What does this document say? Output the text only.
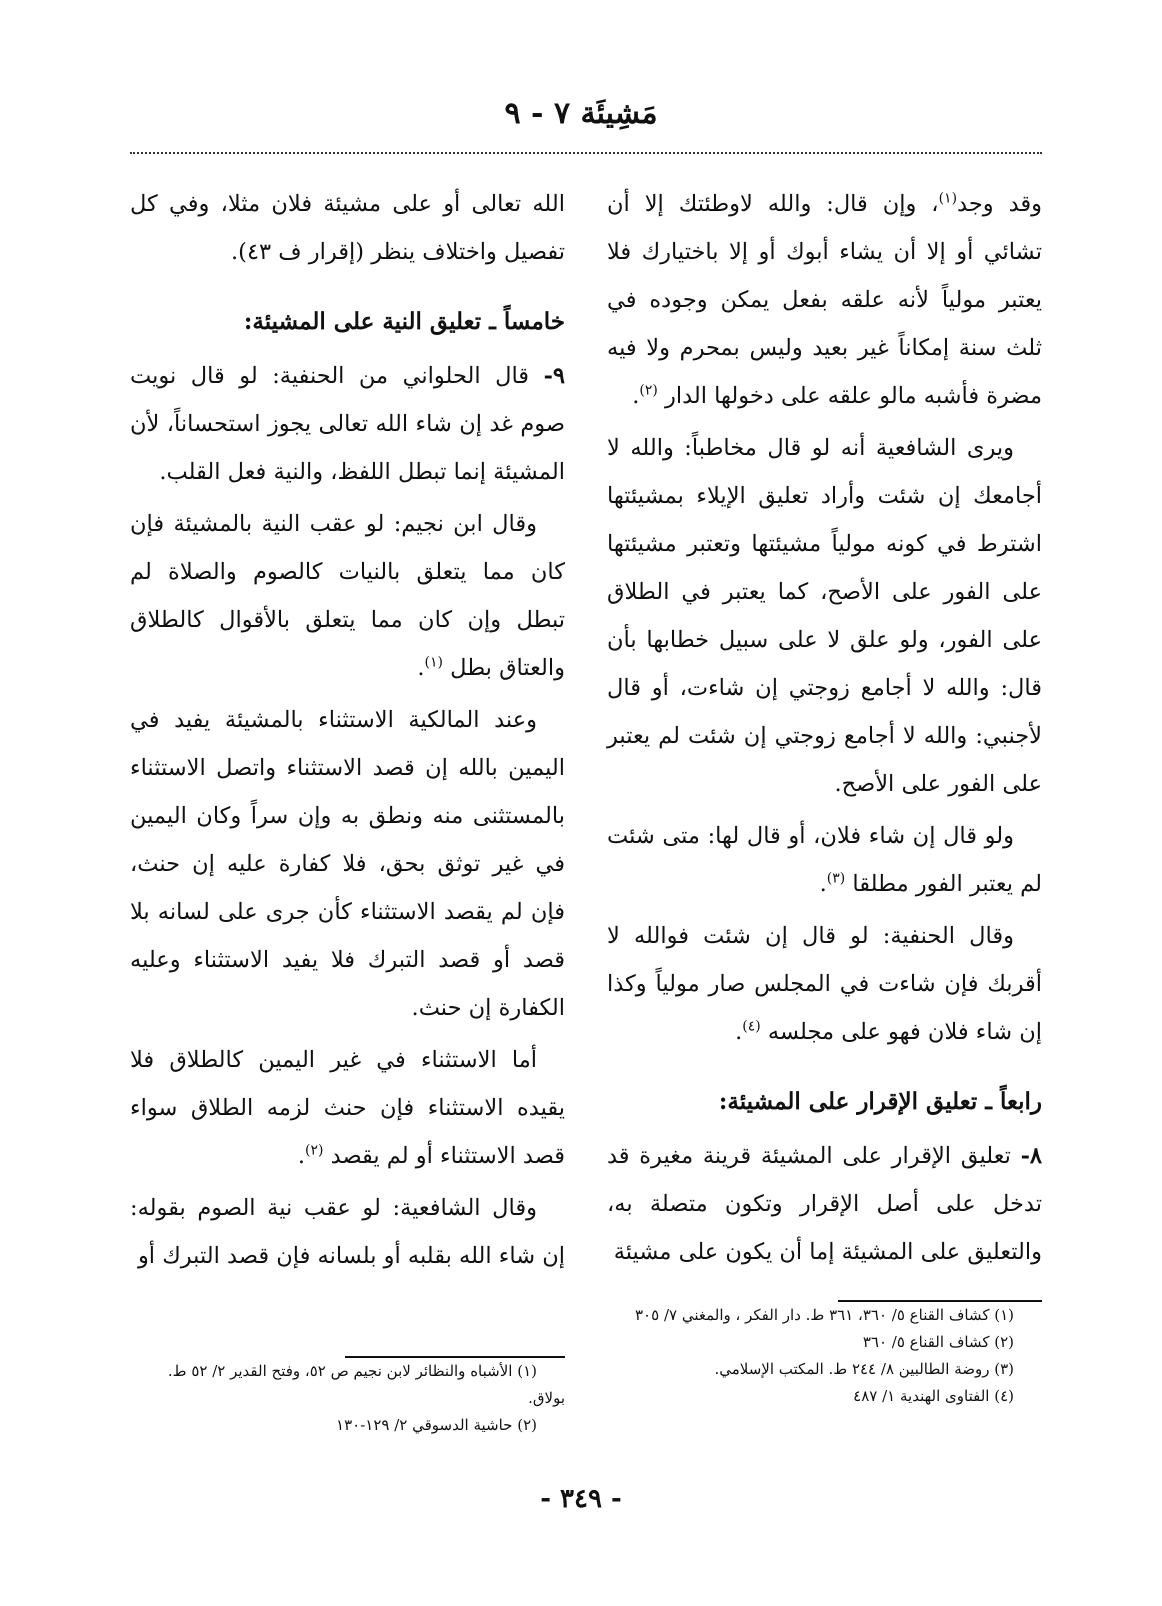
مَشِيئَة ٧ - ٩

وقد وجد$^{(١)}$، وإن قال: والله لاوطئتك إلا أن تشائي أو إلا أن يشاء أبوك أو إلا باختيارك فلا يعتبر مولياً لأنه علقه بفعل يمكن وجوده في ثلث سنة إمكاناً غير بعيد وليس بمحرم ولا فيه مضرة فأشبه مالو علقه على دخولها الدار $^{(٢)}$.

ويرى الشافعية أنه لو قال مخاطباً: والله لا أجامعك إن شئت وأراد تعليق الإيلاء بمشيئتها اشترط في كونه مولياً مشيئتها وتعتبر مشيئتها على الفور على الأصح، كما يعتبر في الطلاق على الفور، ولو علق لا على سبيل خطابها بأن قال: والله لا أجامع زوجتي إن شاءت، أو قال لأجنبي: والله لا أجامع زوجتي إن شئت لم يعتبر على الفور على الأصح.

ولو قال إن شاء فلان، أو قال لها: متى شئت لم يعتبر الفور مطلقا $^{(٣)}$.

وقال الحنفية: لو قال إن شئت فوالله لا أقربك فإن شاءت في المجلس صار مولياً وكذا إن شاء فلان فهو على مجلسه $^{(٤)}$.

رابعاً ـ تعليق الإقرار على المشيئة:

٨- تعليق الإقرار على المشيئة قرينة مغيرة قد تدخل على أصل الإقرار وتكون متصلة به، والتعليق على المشيئة إما أن يكون على مشيئة

الله تعالى أو على مشيئة فلان مثلا، وفي كل تفصيل واختلاف ينظر (إقرار ف ٤٣).

خامساً ـ تعليق النية على المشيئة:

٩- قال الحلواني من الحنفية: لو قال نويت صوم غد إن شاء الله تعالى يجوز استحساناً، لأن المشيئة إنما تبطل اللفظ، والنية فعل القلب.

وقال ابن نجيم: لو عقب النية بالمشيئة فإن كان مما يتعلق بالنيات كالصوم والصلاة لم تبطل وإن كان مما يتعلق بالأقوال كالطلاق والعتاق بطل $^{(١)}$.

وعند المالكية الاستثناء بالمشيئة يفيد في اليمين بالله إن قصد الاستثناء واتصل الاستثناء بالمستثنى منه ونطق به وإن سراً وكان اليمين في غير توثق بحق، فلا كفارة عليه إن حنث، فإن لم يقصد الاستثناء كأن جرى على لسانه بلا قصد أو قصد التبرك فلا يفيد الاستثناء وعليه الكفارة إن حنث.

أما الاستثناء في غير اليمين كالطلاق فلا يقيده الاستثناء فإن حنث لزمه الطلاق سواء قصد الاستثناء أو لم يقصد $^{(٢)}$.

وقال الشافعية: لو عقب نية الصوم بقوله: إن شاء الله بقلبه أو بلسانه فإن قصد التبرك أو

(١) كشاف القناع ٥/ ٣٦٠، ٣٦١ ط. دار الفكر ، والمغني ٧/ ٣٠٥

(٢) كشاف القناع ٥/ ٣٦٠

(٣) روضة الطالبين ٨/ ٢٤٤ ط. المكتب الإسلامي.

(٤) الفتاوى الهندية ١/ ٤٨٧

(١) الأشباه والنظائر لابن نجيم ص ٥٢، وفتح القدير ٢/ ٥٢ ط. بولاق.

(٢) حاشية الدسوقي ٢/ ١٢٩-١٣٠

- ٣٤٩ -
